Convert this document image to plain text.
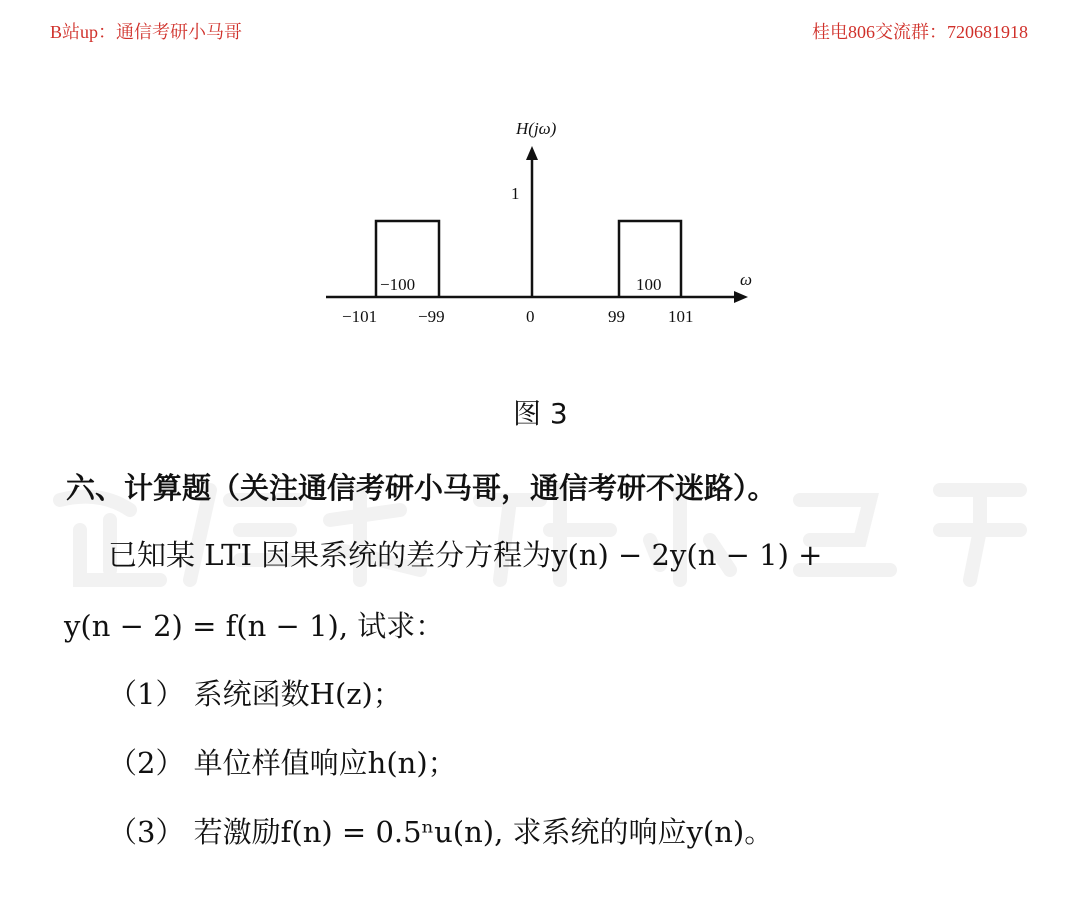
B站up：通信考研小马哥	桂电806交流群：720681918
H(jω)
ω
1
−100	100
−101 −99	0	99	101
图 3
六、计算题（关注通信考研小马哥，通信考研不迷路）。
已知某 LTI 因果系统的差分方程为y(n) − 2y(n − 1) +
y(n − 2) = f(n − 1), 试求：
（1） 系统函数H(z)；
（2） 单位样值响应h(n)；
（3） 若激励f(n) = 0.5ⁿu(n), 求系统的响应y(n)。
